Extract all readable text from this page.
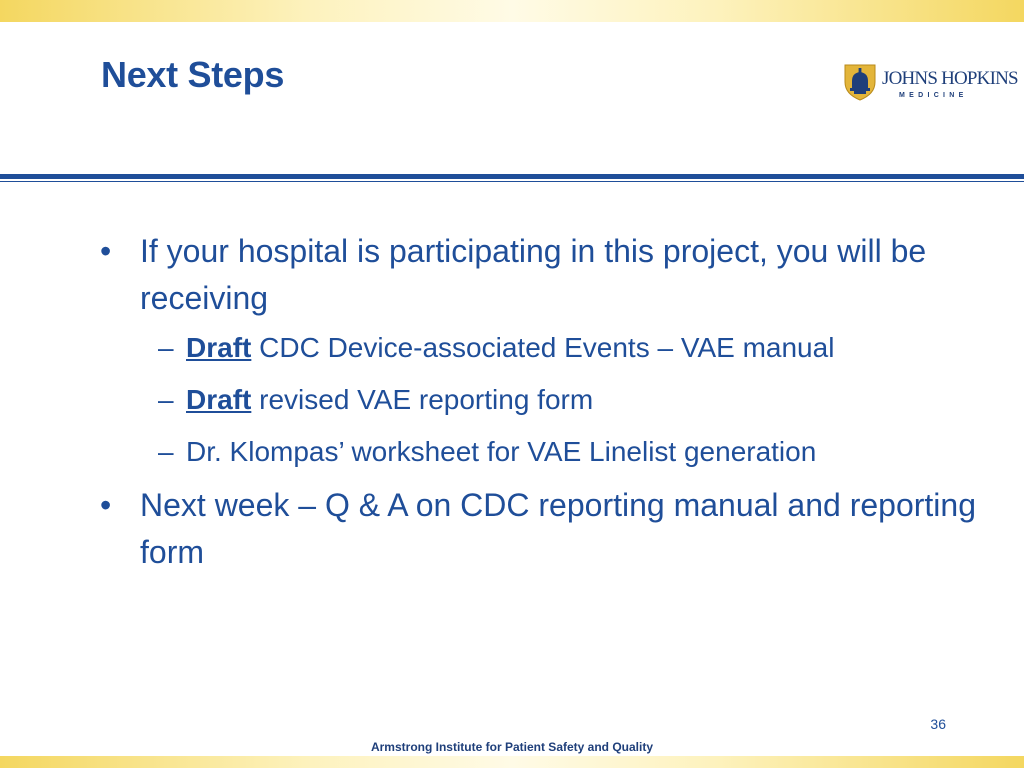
Next Steps	JOHNS HOPKINS
MEDICINE
• If your hospital is participating in this project, you will be receiving
– Draft CDC Device-associated Events – VAE manual
– Draft revised VAE reporting form
– Dr. Klompas’ worksheet for VAE Linelist generation
• Next week – Q & A on CDC reporting manual and reporting form
36
Armstrong Institute for Patient Safety and Quality
